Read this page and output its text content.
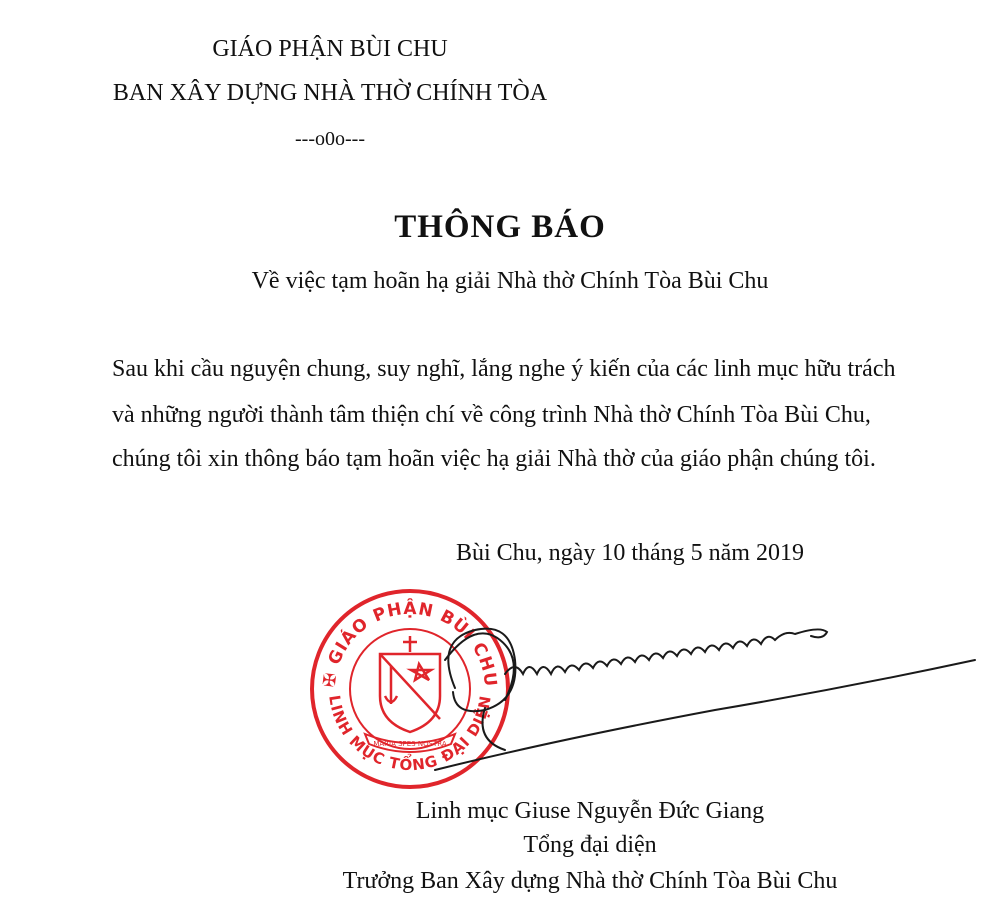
GIÁO PHẬN BÙI CHU
BAN XÂY DỰNG NHÀ THỜ CHÍNH TÒA
---o0o---
THÔNG BÁO
Về việc tạm hoãn hạ giải Nhà thờ Chính Tòa Bùi Chu
Sau khi cầu nguyện chung, suy nghĩ, lắng nghe ý kiến của các linh mục hữu trách
và những người thành tâm thiện chí về công trình Nhà thờ Chính Tòa Bùi Chu,
chúng tôi xin thông báo tạm hoãn việc hạ giải Nhà thờ của giáo phận chúng tôi.
Bùi Chu, ngày 10 tháng 5 năm 2019
✠ GIÁO PHẬN BÙI CHU
LINH MỤC TỔNG ĐẠI DIỆN
MARIA SPES NOSTRA
Linh mục Giuse Nguyễn Đức Giang
Tổng đại diện
Trưởng Ban Xây dựng Nhà thờ Chính Tòa Bùi Chu
